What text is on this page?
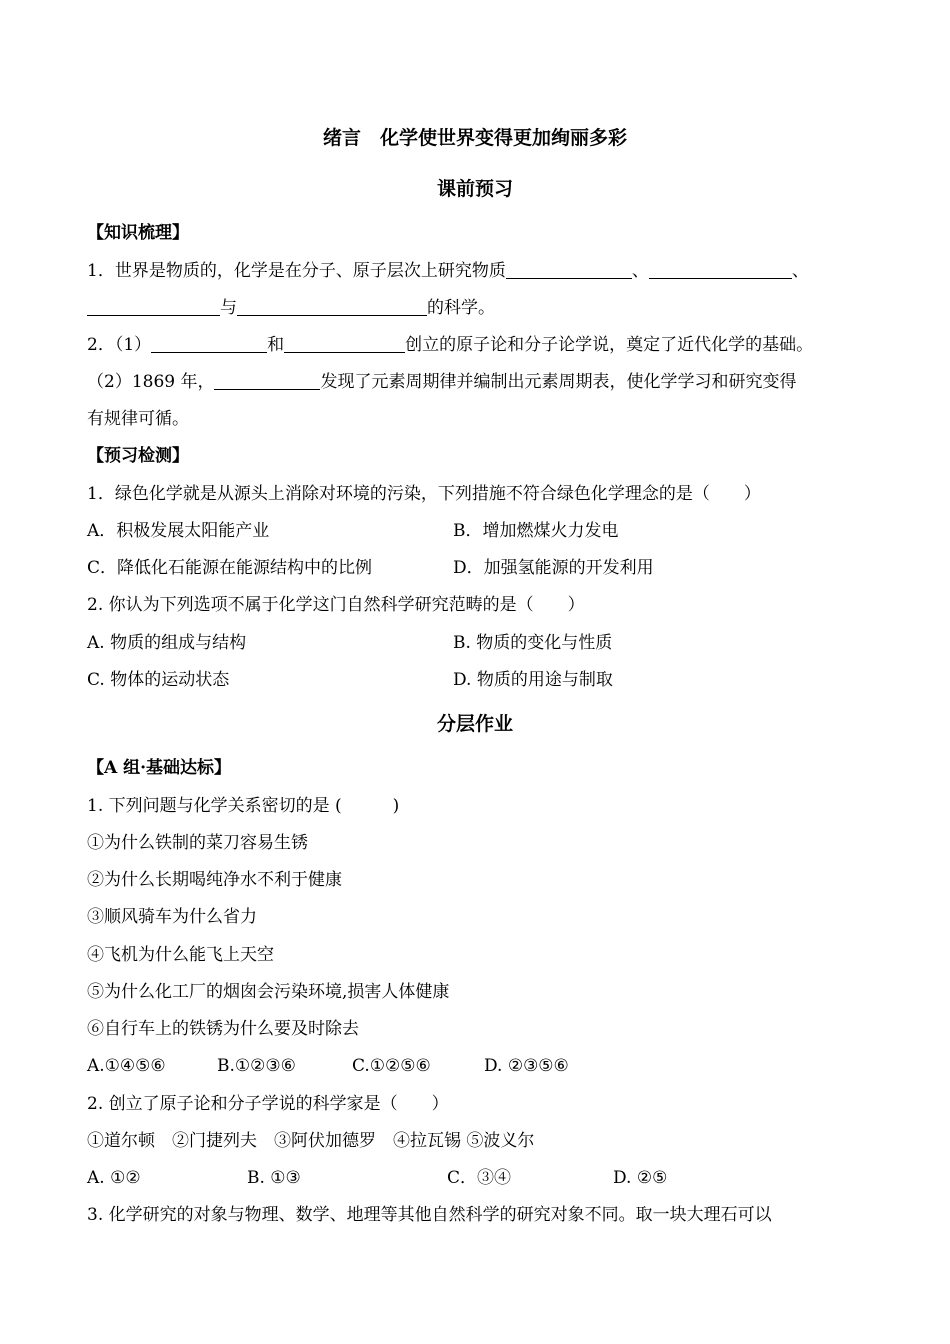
绪言　化学使世界变得更加绚丽多彩
课前预习
【知识梳理】
1．世界是物质的，化学是在分子、原子层次上研究物质	、	、
与	的科学。
2．（1）	和	创立的原子论和分子论学说，奠定了近代化学的基础。
（2）1869 年，	发现了元素周期律并编制出元素周期表，使化学学习和研究变得
有规律可循。
【预习检测】
1．绿色化学就是从源头上消除对环境的污染，下列措施不符合绿色化学理念的是（　　）
A．积极发展太阳能产业	B．增加燃煤火力发电
C．降低化石能源在能源结构中的比例	D．加强氢能源的开发利用
2. 你认为下列选项不属于化学这门自然科学研究范畴的是（　　）
A. 物质的组成与结构	B. 物质的变化与性质
C. 物体的运动状态	D. 物质的用途与制取
分层作业
【A 组·基础达标】
1. 下列问题与化学关系密切的是 (　　　)
①为什么铁制的菜刀容易生锈
②为什么长期喝纯净水不利于健康
③顺风骑车为什么省力
④飞机为什么能飞上天空
⑤为什么化工厂的烟囱会污染环境,损害人体健康
⑥自行车上的铁锈为什么要及时除去
A.①④⑤⑥	B.①②③⑥	C.①②⑤⑥	D. ②③⑤⑥
2. 创立了原子论和分子学说的科学家是（　　）
①道尔顿　②门捷列夫　③阿伏加德罗　④拉瓦锡 ⑤波义尔
A. ①②	B. ①③	C．③④	D. ②⑤
3. 化学研究的对象与物理、数学、地理等其他自然科学的研究对象不同。取一块大理石可以
